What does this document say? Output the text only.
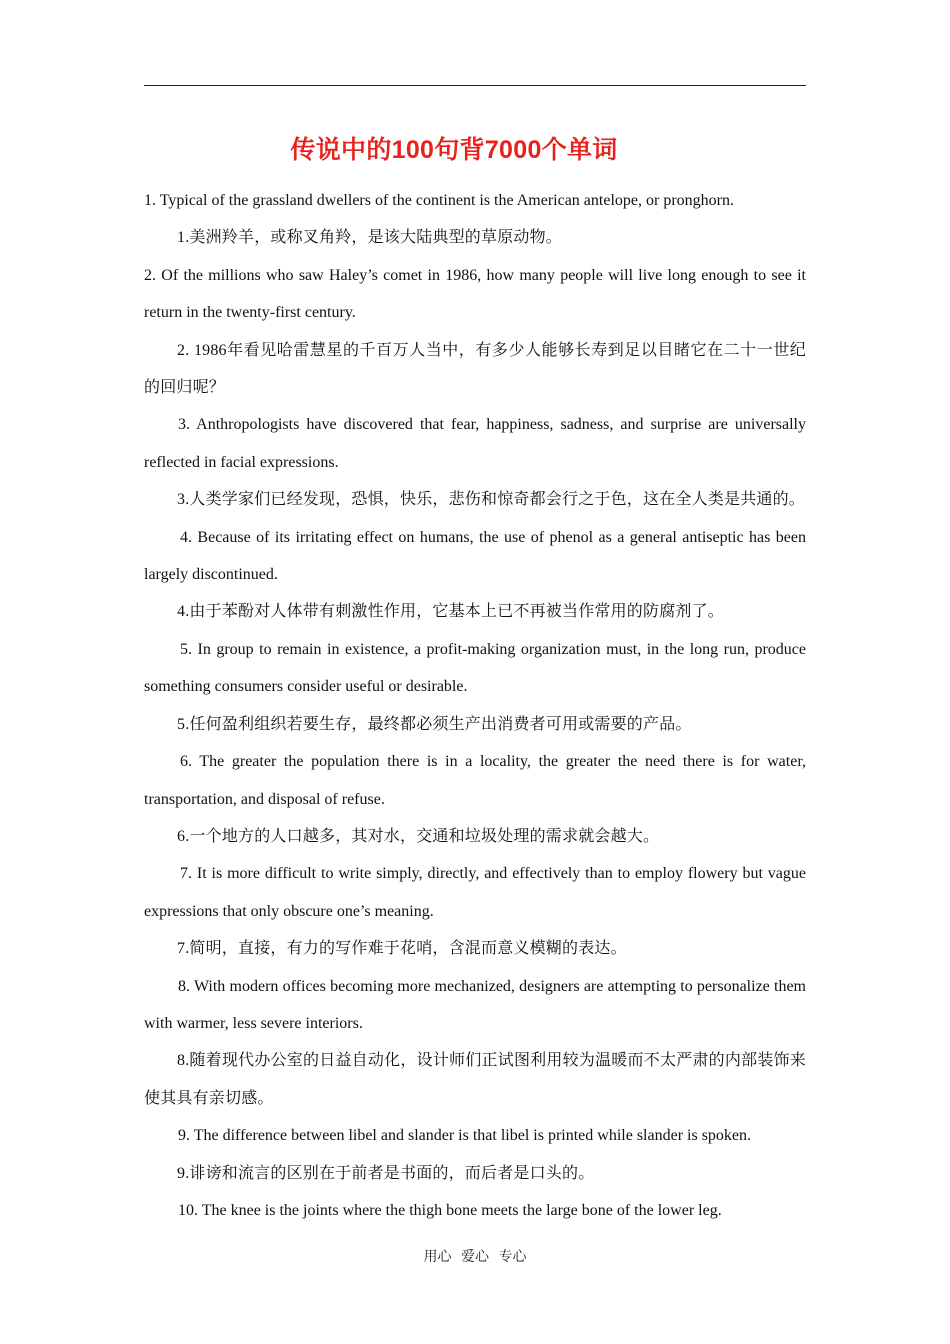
传说中的100句背7000个单词

1. Typical of the grassland dwellers of the continent is the American antelope, or pronghorn.

1.美洲羚羊，或称叉角羚，是该大陆典型的草原动物。

2. Of the millions who saw Haley’s comet in 1986, how many people will live long enough to see it return in the twenty-first century.

2. 1986年看见哈雷慧星的千百万人当中，有多少人能够长寿到足以目睹它在二十一世纪的回归呢？

3. Anthropologists have discovered that fear, happiness, sadness, and surprise are universally reflected in facial expressions.

3.人类学家们已经发现，恐惧，快乐，悲伤和惊奇都会行之于色，这在全人类是共通的。

4. Because of its irritating effect on humans, the use of phenol as a general antiseptic has been largely discontinued.

4.由于苯酚对人体带有刺激性作用，它基本上已不再被当作常用的防腐剂了。

5. In group to remain in existence, a profit-making organization must, in the long run, produce something consumers consider useful or desirable.

5.任何盈利组织若要生存，最终都必须生产出消费者可用或需要的产品。

6. The greater the population there is in a locality, the greater the need there is for water, transportation, and disposal of refuse.

6.一个地方的人口越多，其对水，交通和垃圾处理的需求就会越大。

7. It is more difficult to write simply, directly, and effectively than to employ flowery but vague expressions that only obscure one’s meaning.

7.简明，直接，有力的写作难于花哨，含混而意义模糊的表达。

8. With modern offices becoming more mechanized, designers are attempting to personalize them with warmer, less severe interiors.

8.随着现代办公室的日益自动化，设计师们正试图利用较为温暖而不太严肃的内部装饰来使其具有亲切感。

9. The difference between libel and slander is that libel is printed while slander is spoken.

9.诽谤和流言的区别在于前者是书面的，而后者是口头的。

10. The knee is the joints where the thigh bone meets the large bone of the lower leg.

用心 爱心 专心
